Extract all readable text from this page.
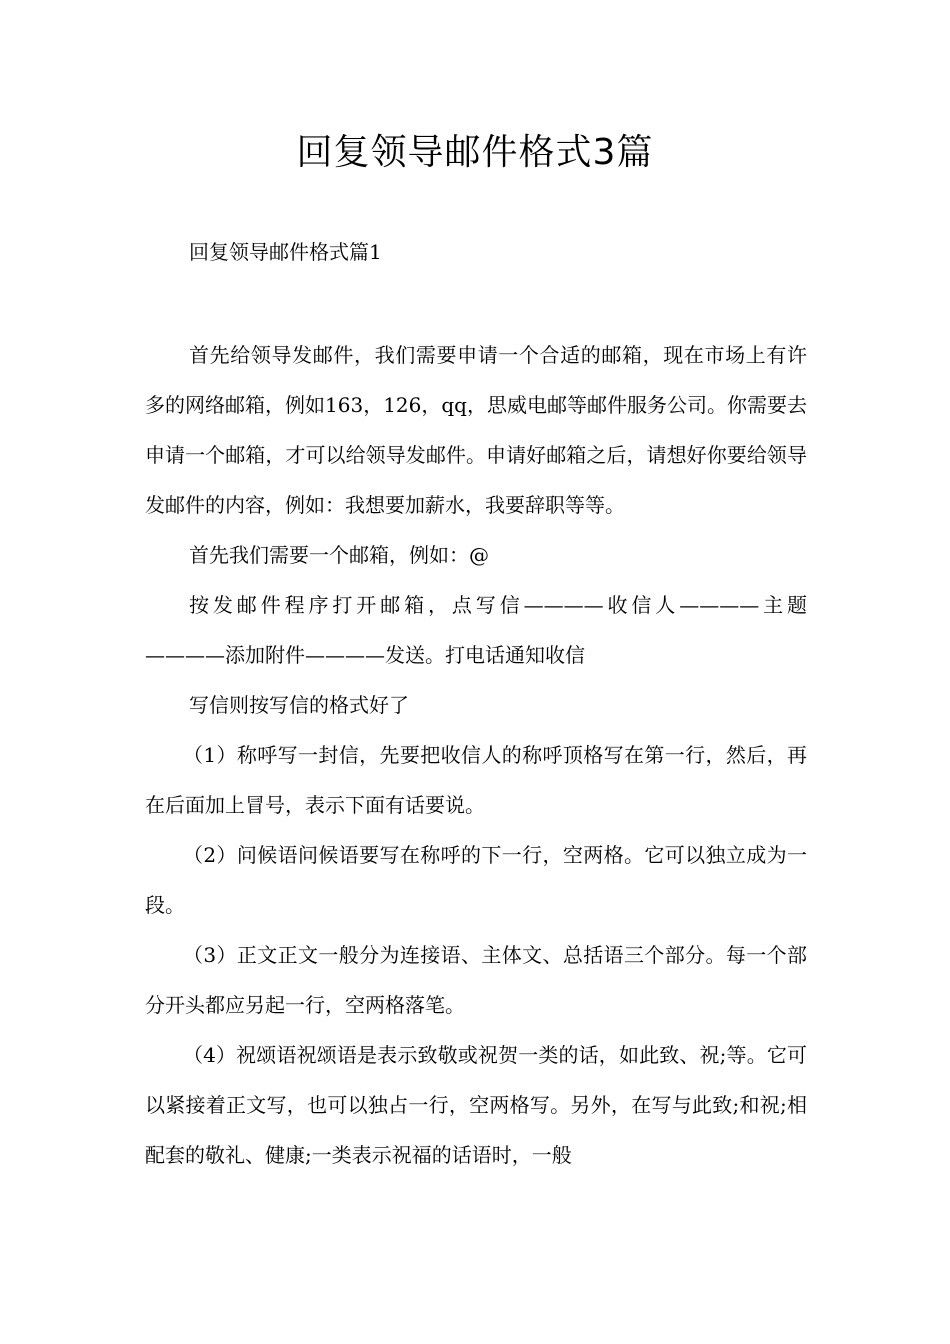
回复领导邮件格式3篇
回复领导邮件格式篇1

首先给领导发邮件，我们需要申请一个合适的邮箱，现在市场上有许多的网络邮箱，例如163，126，qq，思威电邮等邮件服务公司。你需要去申请一个邮箱，才可以给领导发邮件。申请好邮箱之后，请想好你要给领导发邮件的内容，例如：我想要加薪水，我要辞职等等。

首先我们需要一个邮箱，例如：@

按发邮件程序打开邮箱，点写信————收信人————主题————添加附件————发送。打电话通知收信

写信则按写信的格式好了

（1）称呼写一封信，先要把收信人的称呼顶格写在第一行，然后，再在后面加上冒号，表示下面有话要说。

（2）问候语问候语要写在称呼的下一行，空两格。它可以独立成为一段。

（3）正文正文一般分为连接语、主体文、总括语三个部分。每一个部分开头都应另起一行，空两格落笔。

（4）祝颂语祝颂语是表示致敬或祝贺一类的话，如此致、祝;等。它可以紧接着正文写，也可以独占一行，空两格写。另外，在写与此致;和祝;相配套的敬礼、健康;一类表示祝福的话语时，一般
